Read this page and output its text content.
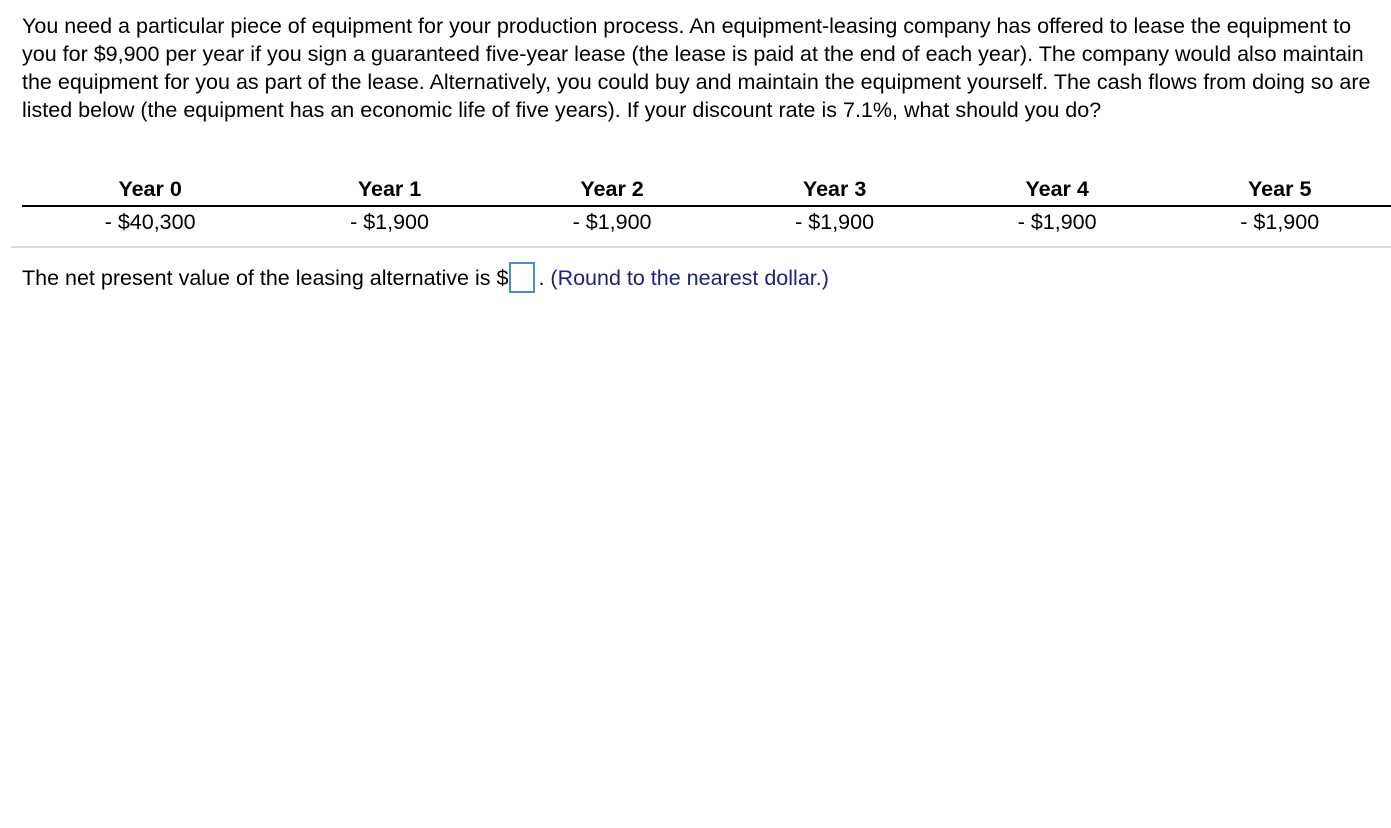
You need a particular piece of equipment for your production process. An equipment-leasing company has offered to lease the equipment to you for $9,900 per year if you sign a guaranteed five-year lease (the lease is paid at the end of each year). The company would also maintain the equipment for you as part of the lease. Alternatively, you could buy and maintain the equipment yourself. The cash flows from doing so are listed below (the equipment has an economic life of five years). If your discount rate is 7.1%, what should you do?

Year 0	Year 1	Year 2	Year 3	Year 4	Year 5
- $40,300	- $1,900	- $1,900	- $1,900	- $1,900	- $1,900
The net present value of the leasing alternative is $ . (Round to the nearest dollar.)
